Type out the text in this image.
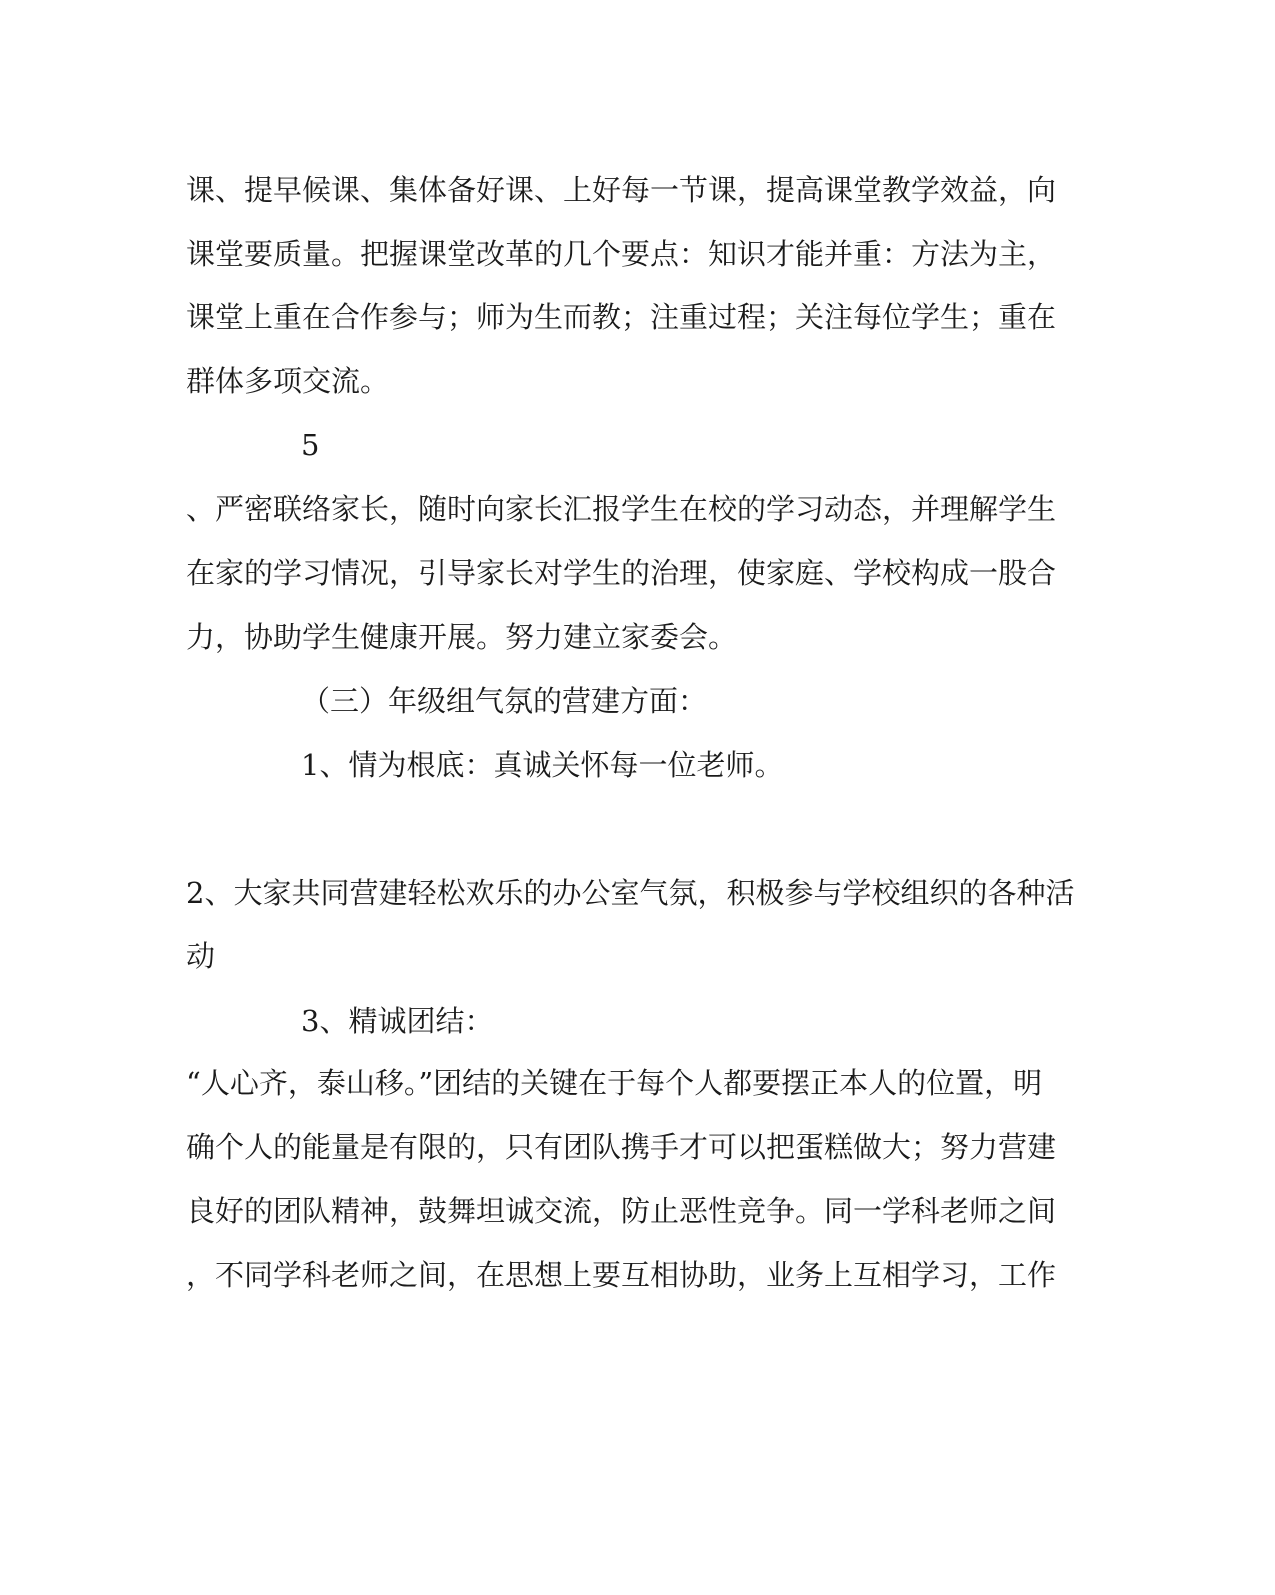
课、提早候课、集体备好课、上好每一节课，提高课堂教学效益，向

课堂要质量。把握课堂改革的几个要点：知识才能并重：方法为主，

课堂上重在合作参与；师为生而教；注重过程；关注每位学生；重在

群体多项交流。

5

、严密联络家长，随时向家长汇报学生在校的学习动态，并理解学生

在家的学习情况，引导家长对学生的治理，使家庭、学校构成一股合

力，协助学生健康开展。努力建立家委会。

（三）年级组气氛的营建方面：

1、情为根底：真诚关怀每一位老师。

2、大家共同营建轻松欢乐的办公室气氛，积极参与学校组织的各种活

动

3、精诚团结：

“人心齐，泰山移。”团结的关键在于每个人都要摆正本人的位置，明

确个人的能量是有限的，只有团队携手才可以把蛋糕做大；努力营建

良好的团队精神，鼓舞坦诚交流，防止恶性竞争。同一学科老师之间

，不同学科老师之间，在思想上要互相协助，业务上互相学习，工作
